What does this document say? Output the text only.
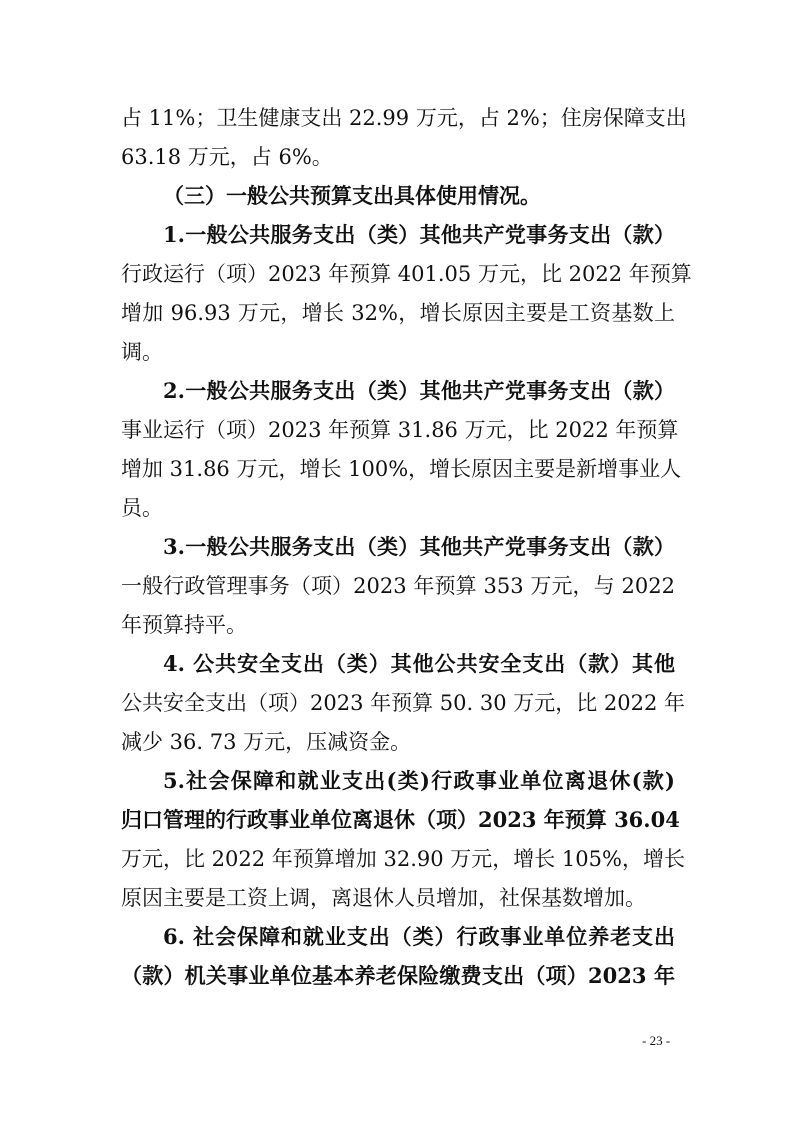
占 11%；卫生健康支出 22.99 万元，占 2%；住房保障支出
63.18 万元，占 6%。
（三）一般公共预算支出具体使用情况。
1.一般公共服务支出（类）其他共产党事务支出（款）
行政运行（项）2023 年预算 401.05 万元，比 2022 年预算
增加 96.93 万元，增长 32%，增长原因主要是工资基数上
调。
2.一般公共服务支出（类）其他共产党事务支出（款）
事业运行（项）2023 年预算 31.86 万元，比 2022 年预算
增加 31.86 万元，增长 100%，增长原因主要是新增事业人
员。
3.一般公共服务支出（类）其他共产党事务支出（款）
一般行政管理事务（项）2023 年预算 353 万元，与 2022
年预算持平。
4. 公共安全支出（类）其他公共安全支出（款）其他
公共安全支出（项）2023 年预算 50. 30 万元，比 2022 年
减少 36. 73 万元，压减资金。
5.社会保障和就业支出(类)行政事业单位离退休(款)
归口管理的行政事业单位离退休（项）2023 年预算 36.04
万元，比 2022 年预算增加 32.90 万元，增长 105%，增长
原因主要是工资上调，离退休人员增加，社保基数增加。
6. 社会保障和就业支出（类）行政事业单位养老支出
（款）机关事业单位基本养老保险缴费支出（项）2023 年
- 23 -
